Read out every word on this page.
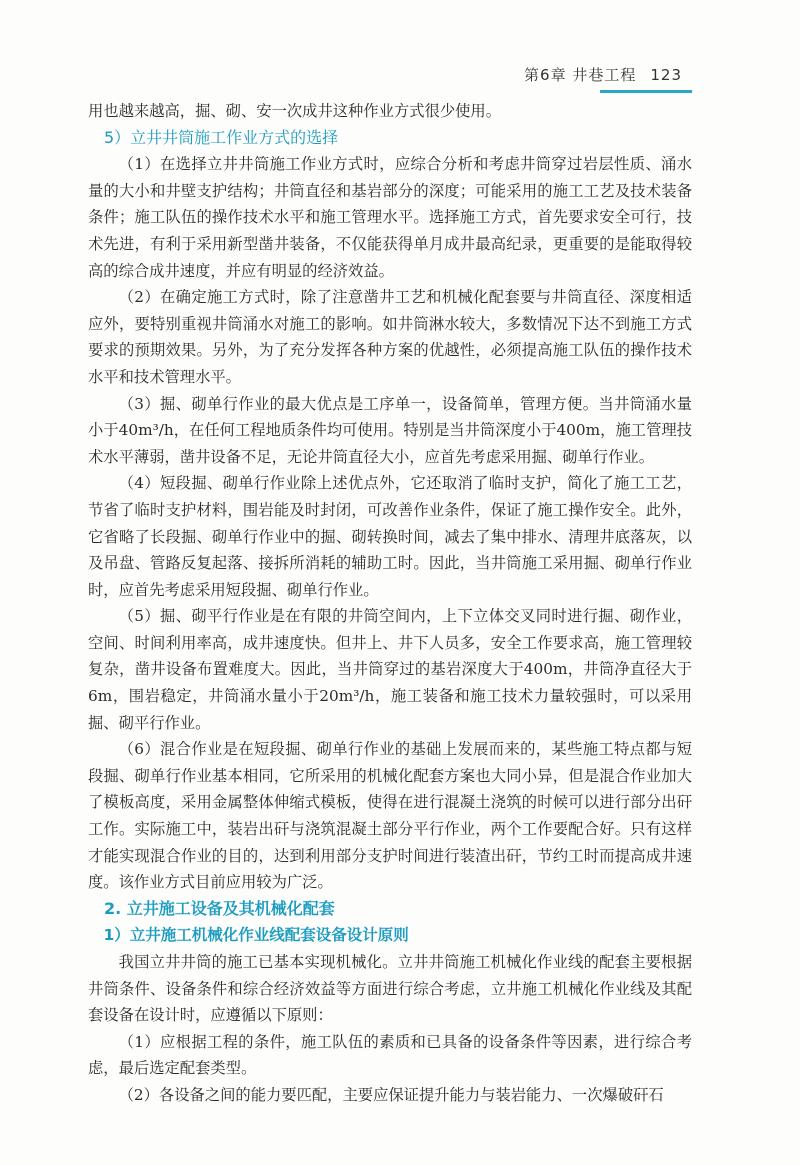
第6章 井巷工程 123

用也越来越高，掘、砌、安一次成井这种作业方式很少使用。

5）立井井筒施工作业方式的选择

（1）在选择立井井筒施工作业方式时，应综合分析和考虑井筒穿过岩层性质、涌水量的大小和井壁支护结构；井筒直径和基岩部分的深度；可能采用的施工工艺及技术装备条件；施工队伍的操作技术水平和施工管理水平。选择施工方式，首先要求安全可行，技术先进，有利于采用新型凿井装备，不仅能获得单月成井最高纪录，更重要的是能取得较高的综合成井速度，并应有明显的经济效益。

（2）在确定施工方式时，除了注意凿井工艺和机械化配套要与井筒直径、深度相适应外，要特别重视井筒涌水对施工的影响。如井筒淋水较大，多数情况下达不到施工方式要求的预期效果。另外，为了充分发挥各种方案的优越性，必须提高施工队伍的操作技术水平和技术管理水平。

（3）掘、砌单行作业的最大优点是工序单一，设备简单，管理方便。当井筒涌水量小于40m³/h，在任何工程地质条件均可使用。特别是当井筒深度小于400m，施工管理技术水平薄弱，凿井设备不足，无论井筒直径大小，应首先考虑采用掘、砌单行作业。

（4）短段掘、砌单行作业除上述优点外，它还取消了临时支护，简化了施工工艺，节省了临时支护材料，围岩能及时封闭，可改善作业条件，保证了施工操作安全。此外，它省略了长段掘、砌单行作业中的掘、砌转换时间，减去了集中排水、清理井底落灰，以及吊盘、管路反复起落、接拆所消耗的辅助工时。因此，当井筒施工采用掘、砌单行作业时，应首先考虑采用短段掘、砌单行作业。

（5）掘、砌平行作业是在有限的井筒空间内，上下立体交叉同时进行掘、砌作业，空间、时间利用率高，成井速度快。但井上、井下人员多，安全工作要求高，施工管理较复杂，凿井设备布置难度大。因此，当井筒穿过的基岩深度大于400m，井筒净直径大于6m，围岩稳定，井筒涌水量小于20m³/h，施工装备和施工技术力量较强时，可以采用掘、砌平行作业。

（6）混合作业是在短段掘、砌单行作业的基础上发展而来的，某些施工特点都与短段掘、砌单行作业基本相同，它所采用的机械化配套方案也大同小异，但是混合作业加大了模板高度，采用金属整体伸缩式模板，使得在进行混凝土浇筑的时候可以进行部分出矸工作。实际施工中，装岩出矸与浇筑混凝土部分平行作业，两个工作要配合好。只有这样才能实现混合作业的目的，达到利用部分支护时间进行装渣出矸，节约工时而提高成井速度。该作业方式目前应用较为广泛。

2. 立井施工设备及其机械化配套

1）立井施工机械化作业线配套设备设计原则

我国立井井筒的施工已基本实现机械化。立井井筒施工机械化作业线的配套主要根据井筒条件、设备条件和综合经济效益等方面进行综合考虑，立井施工机械化作业线及其配套设备在设计时，应遵循以下原则：

（1）应根据工程的条件，施工队伍的素质和已具备的设备条件等因素，进行综合考虑，最后选定配套类型。

（2）各设备之间的能力要匹配，主要应保证提升能力与装岩能力、一次爆破矸石
